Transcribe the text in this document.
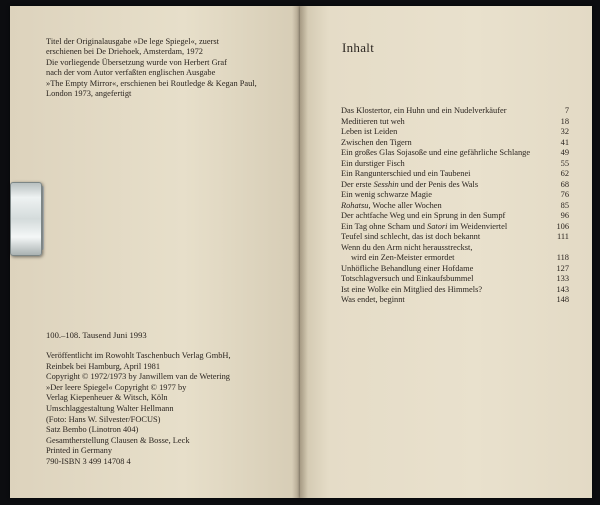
Titel der Originalausgabe »De lege Spiegel«, zuerst
erschienen bei De Driehoek, Amsterdam, 1972
Die vorliegende Übersetzung wurde von Herbert Graf
nach der vom Autor verfaßten englischen Ausgabe
»The Empty Mirror«, erschienen bei Routledge & Kegan Paul,
London 1973, angefertigt
100.–108. Tausend Juni 1993
Veröffentlicht im Rowohlt Taschenbuch Verlag GmbH,
Reinbek bei Hamburg, April 1981
Copyright © 1972/1973 by Janwillem van de Wetering
»Der leere Spiegel« Copyright © 1977 by
Verlag Kiepenheuer & Witsch, Köln
Umschlaggestaltung Walter Hellmann
(Foto: Hans W. Silvester/FOCUS)
Satz Bembo (Linotron 404)
Gesamtherstellung Clausen & Bosse, Leck
Printed in Germany
790-ISBN 3 499 14708 4
Inhalt
Das Klostertor, ein Huhn und ein Nudelverkäufer	7
Meditieren tut weh	18
Leben ist Leiden	32
Zwischen den Tigern	41
Ein großes Glas Sojasoße und eine gefährliche Schlange	49
Ein durstiger Fisch	55
Ein Rangunterschied und ein Taubenei	62
Der erste Sesshin und der Penis des Wals	68
Ein wenig schwarze Magie	76
Rohatsu, Woche aller Wochen	85
Der achtfache Weg und ein Sprung in den Sumpf	96
Ein Tag ohne Scham und Satori im Weidenviertel	106
Teufel sind schlecht, das ist doch bekannt	111
Wenn du den Arm nicht herausstreckst,
wird ein Zen-Meister ermordet	118
Unhöfliche Behandlung einer Hofdame	127
Totschlagversuch und Einkaufsbummel	133
Ist eine Wolke ein Mitglied des Himmels?	143
Was endet, beginnt	148
